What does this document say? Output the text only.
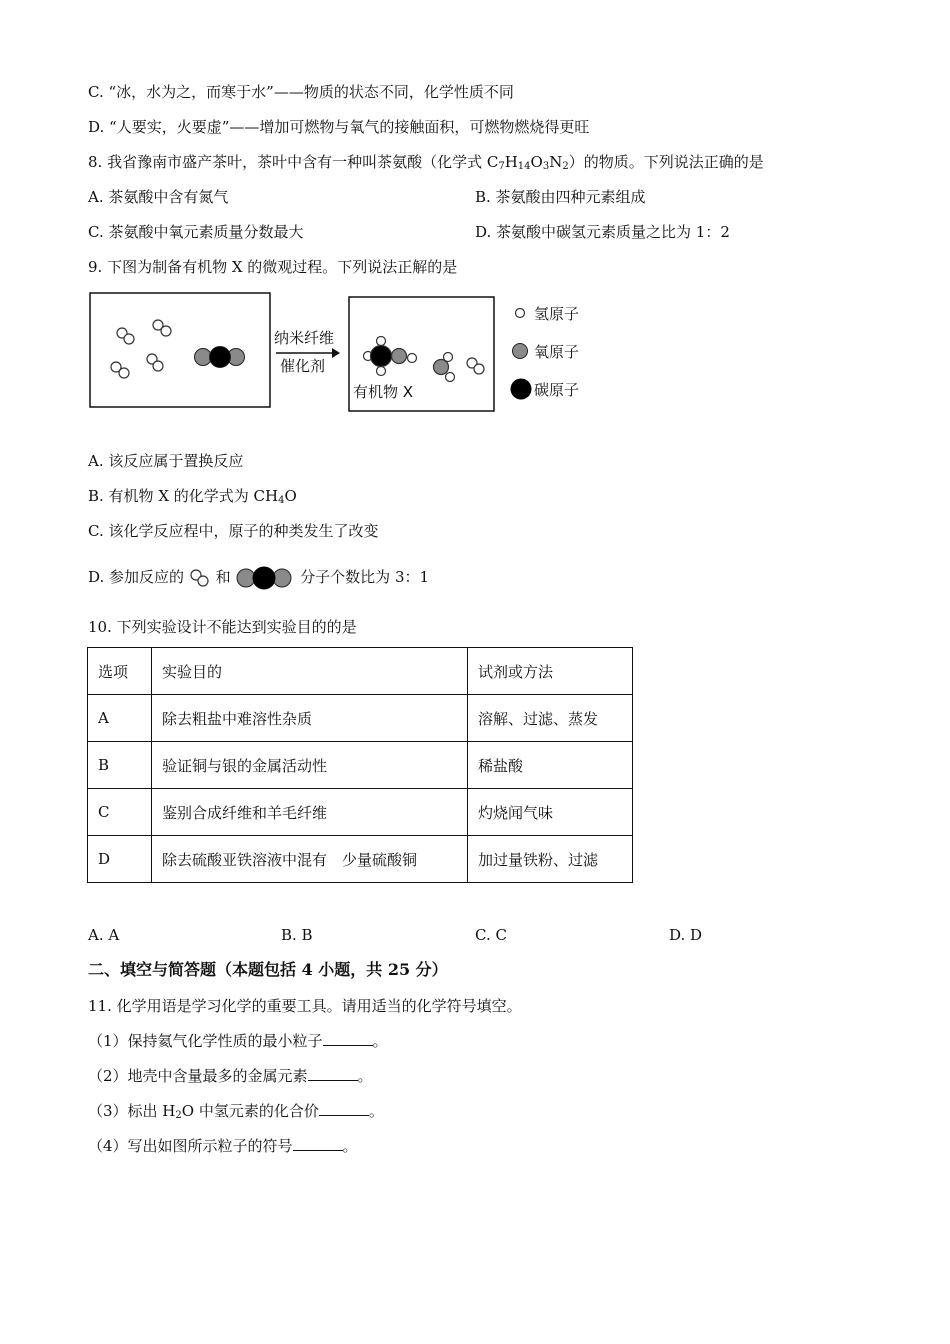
C. “冰，水为之，而寒于水”——物质的状态不同，化学性质不同
D. “人要实，火要虚”——增加可燃物与氧气的接触面积，可燃物燃烧得更旺
8. 我省豫南市盛产茶叶，茶叶中含有一种叫茶氨酸（化学式 $C_7H_{14}O_3N_2$）的物质。下列说法正确的是
A. 茶氨酸中含有氮气	B. 茶氨酸由四种元素组成
C. 茶氨酸中氧元素质量分数最大	D. 茶氨酸中碳氢元素质量之比为 1：2
9. 下图为制备有机物 X 的微观过程。下列说法正解的是
纳米纤维
催化剂
有机物 X
氢原子
氧原子
碳原子
A. 该反应属于置换反应
B. 有机物 X 的化学式为 $CH_4O$
C. 该化学反应程中，原子的种类发生了改变
D. 参加反应的 和	分子个数比为 3：1
10. 下列实验设计不能达到实验目的的是
选项	实验目的	试剂或方法
A	除去粗盐中难溶性杂质	溶解、过滤、蒸发
B	验证铜与银的金属活动性	稀盐酸
C	鉴别合成纤维和羊毛纤维	灼烧闻气味
D	除去硫酸亚铁溶液中混有　少量硫酸铜	加过量铁粉、过滤
A. A	B. B	C. C	D. D
二、填空与简答题（本题包括 4 小题，共 25 分）
11. 化学用语是学习化学的重要工具。请用适当的化学符号填空。
（1）保持氦气化学性质的最小粒子	。
（2）地壳中含量最多的金属元素	。
（3）标出 $H_2O$ 中氢元素的化合价	。
（4）写出如图所示粒子的符号	。
